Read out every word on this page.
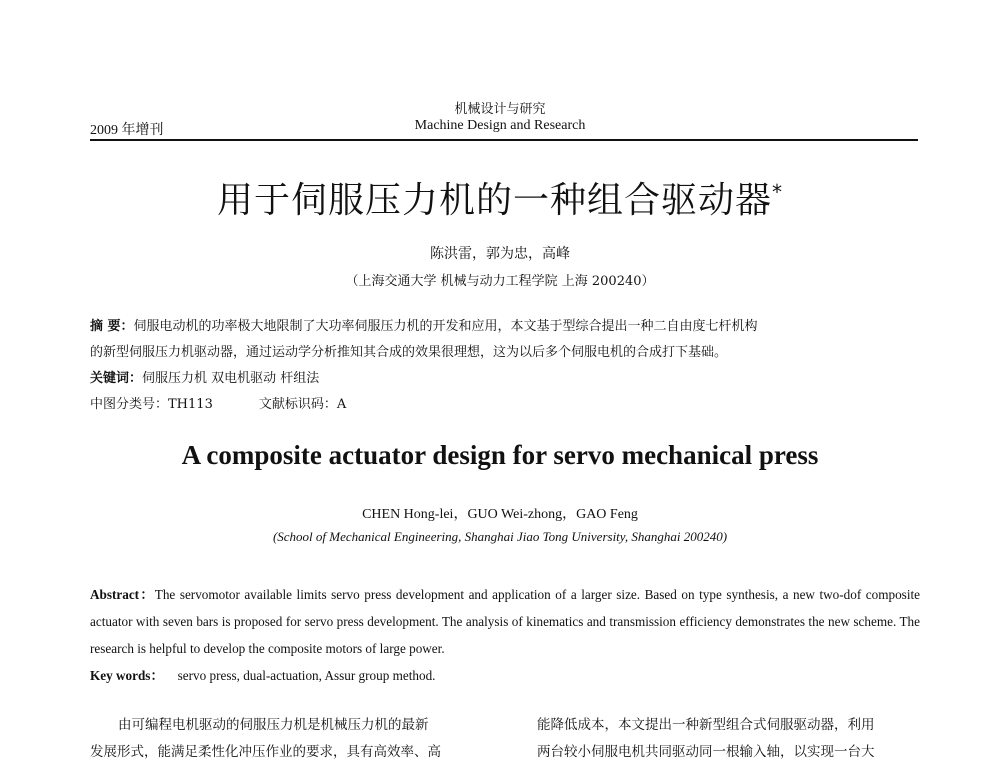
机械设计与研究
Machine Design and Research
2009 年增刊
用于伺服压力机的一种组合驱动器*
陈洪雷，郭为忠，高峰
（上海交通大学 机械与动力工程学院 上海 200240）
摘 要：伺服电动机的功率极大地限制了大功率伺服压力机的开发和应用，本文基于型综合提出一种二自由度七杆机构
的新型伺服压力机驱动器，通过运动学分析推知其合成的效果很理想，这为以后多个伺服电机的合成打下基础。
关键词：伺服压力机 双电机驱动 杆组法
中图分类号：TH113	文献标识码：A
A composite actuator design for servo mechanical press
CHEN Hong-lei，GUO Wei-zhong，GAO Feng
(School of Mechanical Engineering, Shanghai Jiao Tong University, Shanghai 200240)
Abstract：The servomotor available limits servo press development and application of a larger size. Based on type synthesis, a new two-dof composite actuator with seven bars is proposed for servo press development. The analysis of kinematics and transmission efficiency demonstrates the new scheme. The research is helpful to develop the composite motors of large power.
Key words： servo press, dual-actuation, Assur group method.
由可编程电机驱动的伺服压力机是机械压力机的最新
发展形式，能满足柔性化冲压作业的要求，具有高效率、高
能降低成本，本文提出一种新型组合式伺服驱动器，利用
两台较小伺服电机共同驱动同一根输入轴，以实现一台大
